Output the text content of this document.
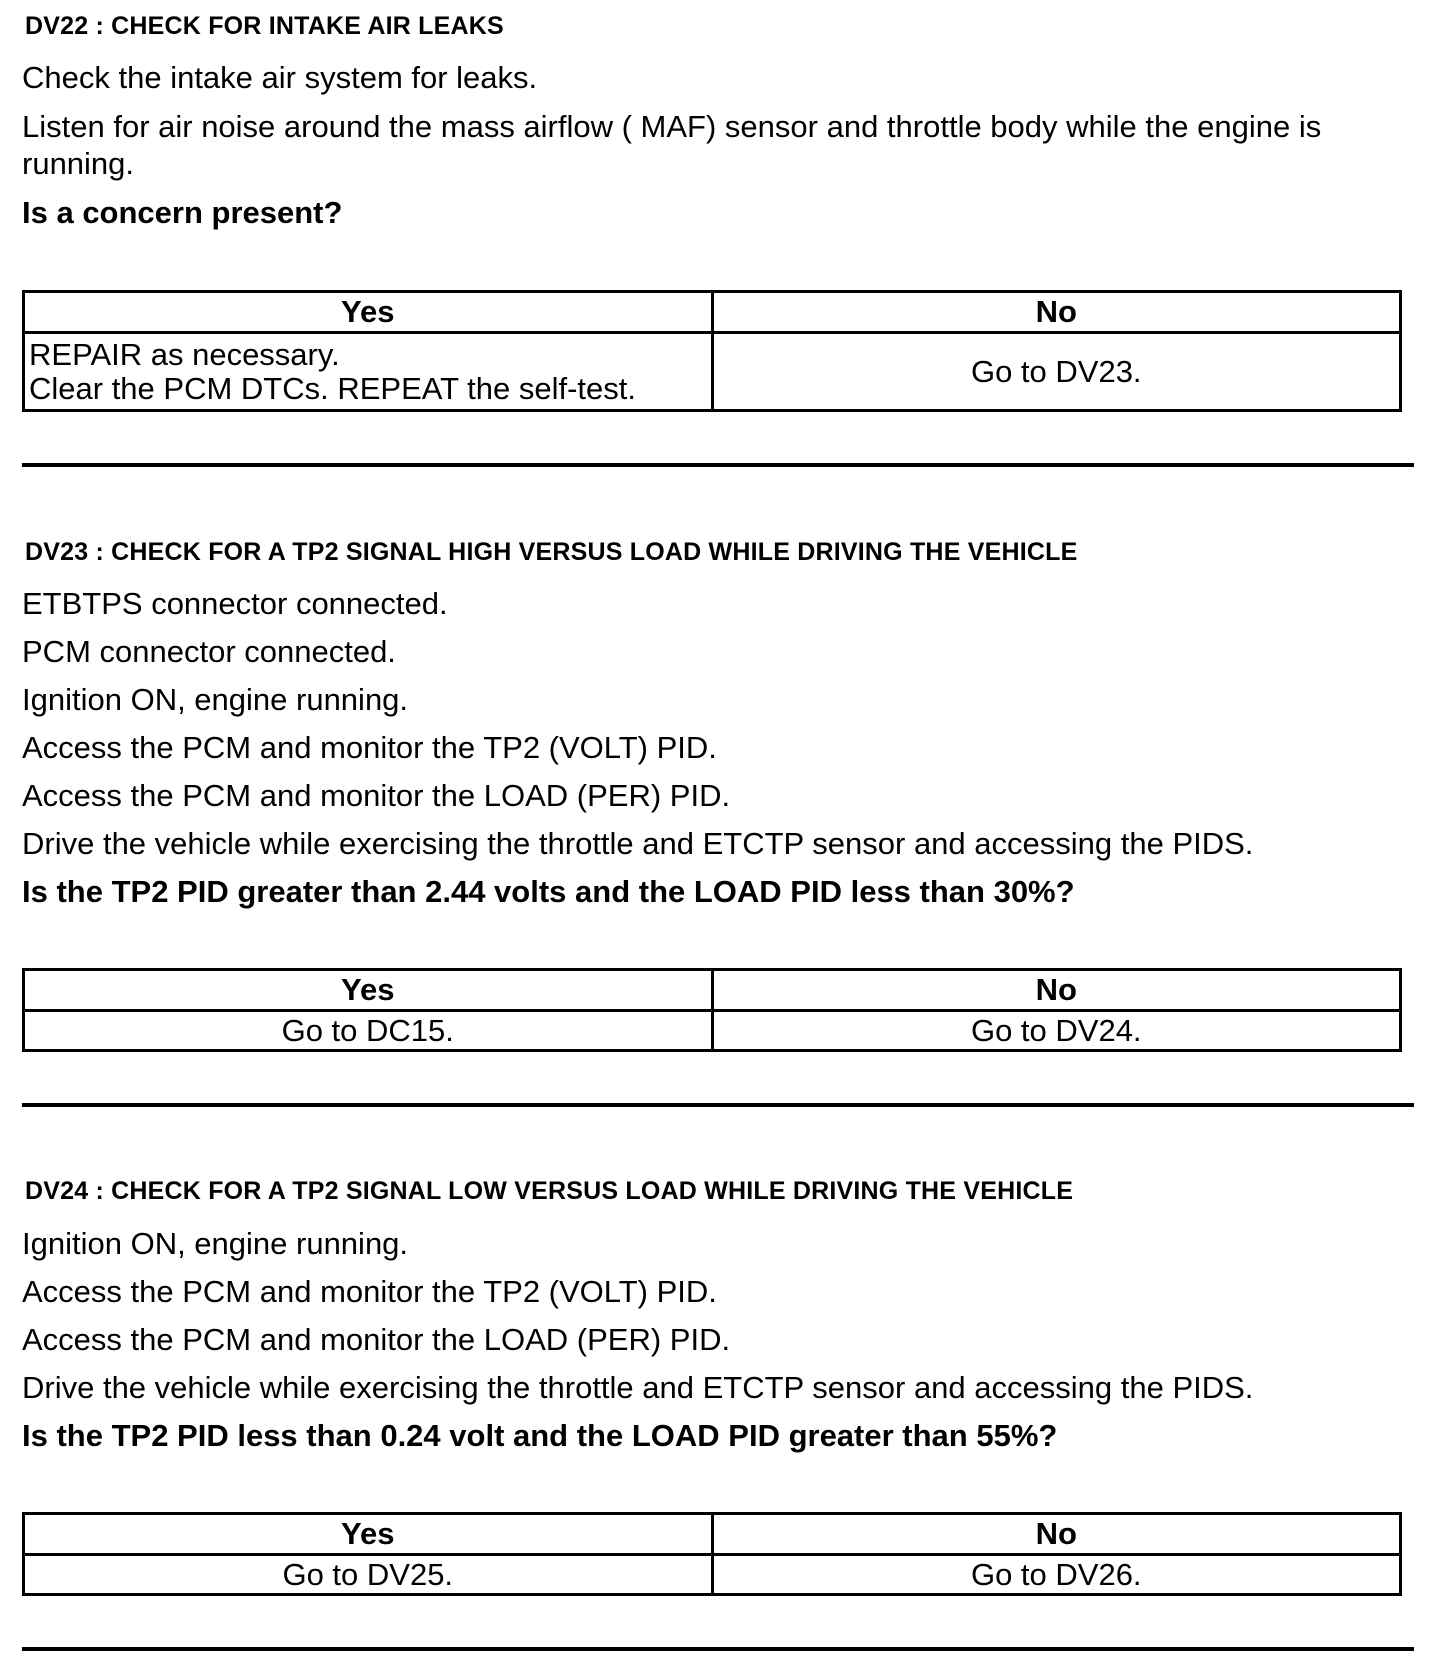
DV22 : CHECK FOR INTAKE AIR LEAKS
Check the intake air system for leaks.
Listen for air noise around the mass airflow ( MAF) sensor and throttle body while the engine is running.
Is a concern present?
Yes	No

REPAIR as necessary.
Clear the PCM DTCs. REPEAT the self-test.	Go to DV23.
DV23 : CHECK FOR A TP2 SIGNAL HIGH VERSUS LOAD WHILE DRIVING THE VEHICLE
ETBTPS connector connected.
PCM connector connected.
Ignition ON, engine running.
Access the PCM and monitor the TP2 (VOLT) PID.
Access the PCM and monitor the LOAD (PER) PID.
Drive the vehicle while exercising the throttle and ETCTP sensor and accessing the PIDS.
Is the TP2 PID greater than 2.44 volts and the LOAD PID less than 30%?
Yes	No
Go to DC15.	Go to DV24.
DV24 : CHECK FOR A TP2 SIGNAL LOW VERSUS LOAD WHILE DRIVING THE VEHICLE
Ignition ON, engine running.
Access the PCM and monitor the TP2 (VOLT) PID.
Access the PCM and monitor the LOAD (PER) PID.
Drive the vehicle while exercising the throttle and ETCTP sensor and accessing the PIDS.
Is the TP2 PID less than 0.24 volt and the LOAD PID greater than 55%?
Yes	No
Go to DV25.	Go to DV26.
